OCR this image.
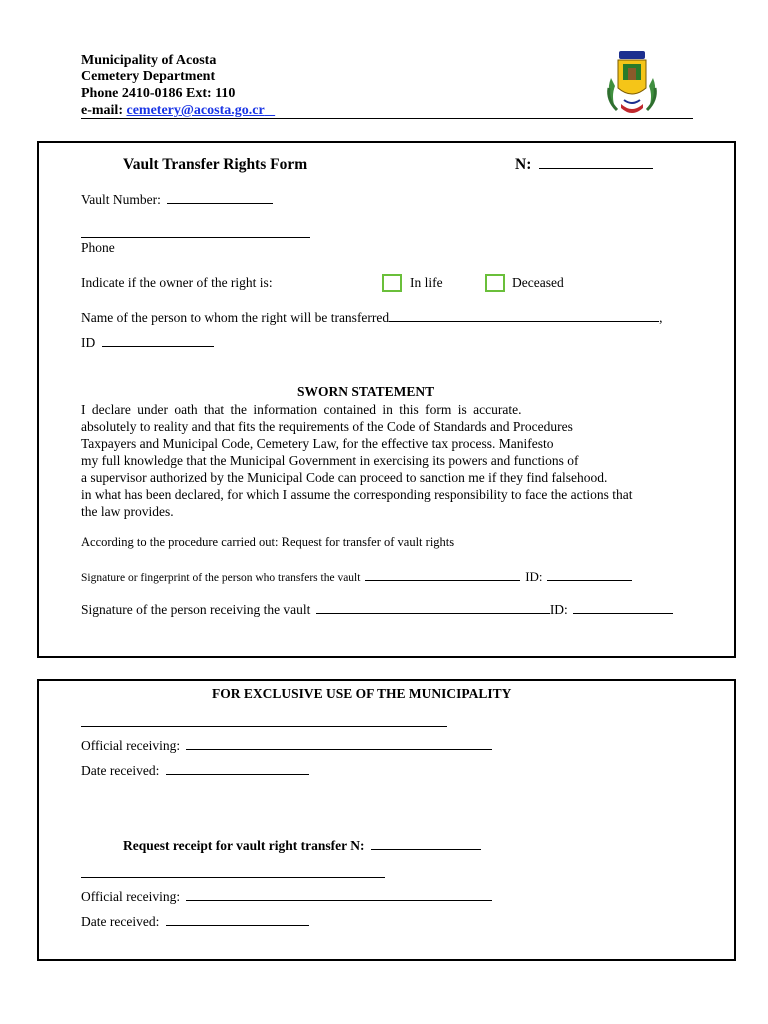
Municipality of Acosta
Cemetery Department
Phone 2410-0186 Ext: 110
e-mail: cemetery@acosta.go.cr
Vault Transfer Rights Form	N:
Vault Number:
Phone
Indicate if the owner of the right is:	In life	Deceased
Name of the person to whom the right will be transferred	,
ID
SWORN STATEMENT
I declare under oath that the information contained in this form is accurate.
absolutely to reality and that fits the requirements of the Code of Standards and Procedures
Taxpayers and Municipal Code, Cemetery Law, for the effective tax process. Manifesto
my full knowledge that the Municipal Government in exercising its powers and functions of
a supervisor authorized by the Municipal Code can proceed to sanction me if they find falsehood.
in what has been declared, for which I assume the corresponding responsibility to face the actions that
the law provides.
According to the procedure carried out: Request for transfer of vault rights
Signature or fingerprint of the person who transfers the vault	ID:
Signature of the person receiving the vault	ID:
FOR EXCLUSIVE USE OF THE MUNICIPALITY
Official receiving:
Date received:
Request receipt for vault right transfer N:
Official receiving:
Date received:
